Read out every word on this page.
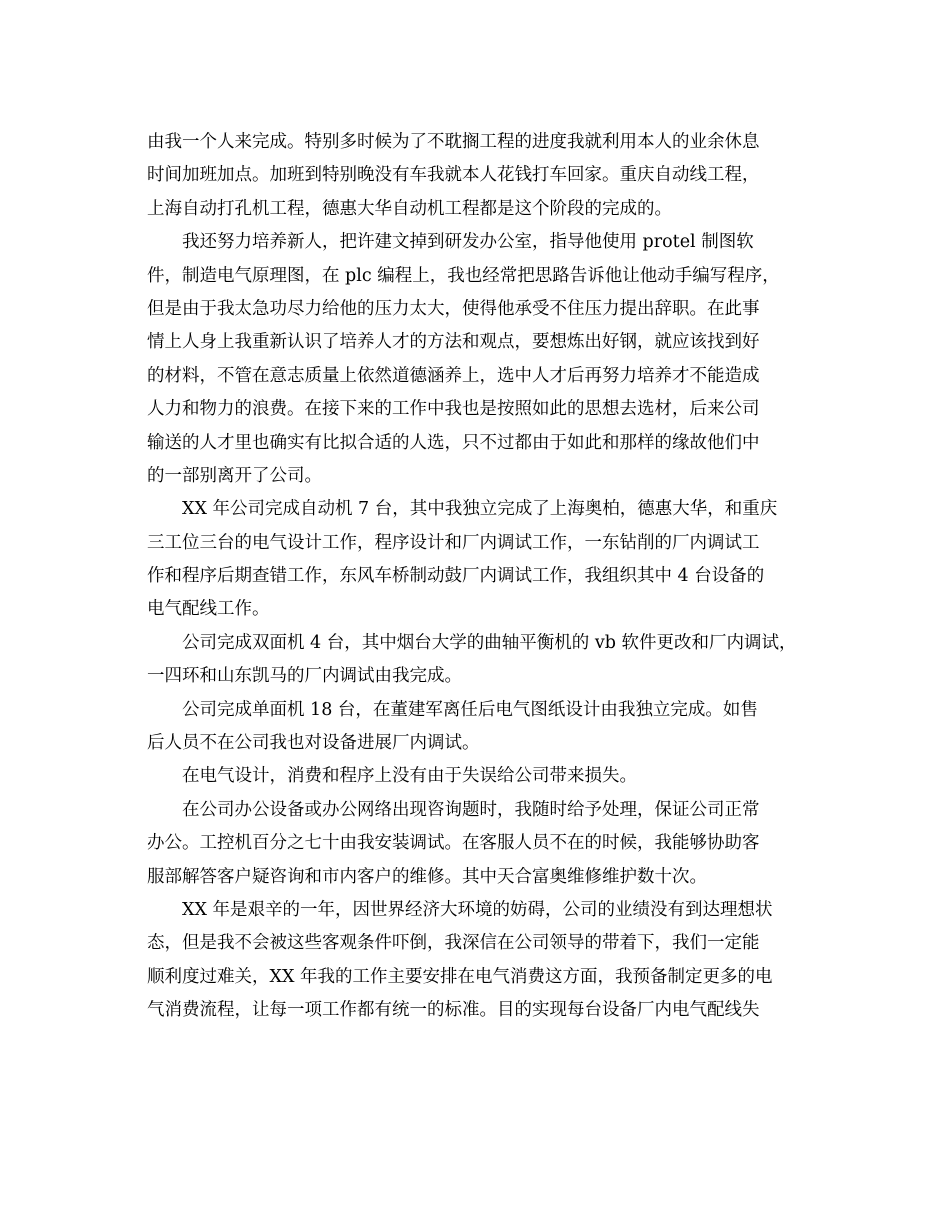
由我一个人来完成。特别多时候为了不耽搁工程的进度我就利用本人的业余休息
时间加班加点。加班到特别晚没有车我就本人花钱打车回家。重庆自动线工程，
上海自动打孔机工程，德惠大华自动机工程都是这个阶段的完成的。
我还努力培养新人，把许建文掉到研发办公室，指导他使用 protel 制图软
件，制造电气原理图，在 plc 编程上，我也经常把思路告诉他让他动手编写程序，
但是由于我太急功尽力给他的压力太大，使得他承受不住压力提出辞职。在此事
情上人身上我重新认识了培养人才的方法和观点，要想炼出好钢，就应该找到好
的材料，不管在意志质量上依然道德涵养上，选中人才后再努力培养才不能造成
人力和物力的浪费。在接下来的工作中我也是按照如此的思想去选材，后来公司
输送的人才里也确实有比拟合适的人选，只不过都由于如此和那样的缘故他们中
的一部别离开了公司。
XX 年公司完成自动机 7 台，其中我独立完成了上海奥柏，德惠大华，和重庆
三工位三台的电气设计工作，程序设计和厂内调试工作，一东钻削的厂内调试工
作和程序后期查错工作，东风车桥制动鼓厂内调试工作，我组织其中 4 台设备的
电气配线工作。
公司完成双面机 4 台，其中烟台大学的曲轴平衡机的 vb 软件更改和厂内调试，
一四环和山东凯马的厂内调试由我完成。
公司完成单面机 18 台，在董建军离任后电气图纸设计由我独立完成。如售
后人员不在公司我也对设备进展厂内调试。
在电气设计，消费和程序上没有由于失误给公司带来损失。
在公司办公设备或办公网络出现咨询题时，我随时给予处理，保证公司正常
办公。工控机百分之七十由我安装调试。在客服人员不在的时候，我能够协助客
服部解答客户疑咨询和市内客户的维修。其中天合富奥维修维护数十次。
XX 年是艰辛的一年，因世界经济大环境的妨碍，公司的业绩没有到达理想状
态，但是我不会被这些客观条件吓倒，我深信在公司领导的带着下，我们一定能
顺利度过难关，XX 年我的工作主要安排在电气消费这方面，我预备制定更多的电
气消费流程，让每一项工作都有统一的标准。目的实现每台设备厂内电气配线失
